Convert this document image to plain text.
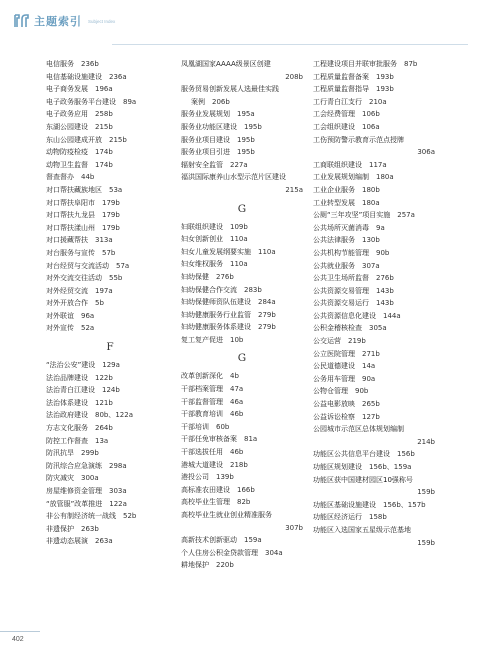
主题索引 Subject Index
电信服务  236b
电信基础设施建设  236a
电子商务发展  196a
电子政务服务平台建设  89a
电子政务应用  258b
东湖公园建设  215b
东山公园建成开放  215b
动物防疫检疫  174b
动物卫生监督  174b
督查督办  44b
对口帮扶藏族地区  53a
对口帮扶阜阳市  179b
对口帮扶九龙县  179b
对口帮扶漾山州  179b
对口援藏帮扶  313a
对台服务与宣传  57b
对台经贸与交流活动  57a
对外交流交往活动  55b
对外经贸交流  197a
对外开放合作  5b
对外联谊  96a
对外宣传  52a
F
“法治公安”建设  129a
法治品牌建设  122b
法治青白江建设  124b
法治体系建设  121b
法治政府建设  80b、122a
方志文化服务  264b
防控工作督查  13a
防汛抗旱  299b
防汛综合应急演练  298a
防灾减灾  300a
房屋维修资金管理  303a
“放管服”改革推进  122a
非公有制经济统一战线  52b
非遗保护  263b
非遗动态展演  263a
凤凰湖国家AAAA级景区创建
208b
服务贸易创新发展人选最佳实践
案例  206b
服务业发展规划  195a
服务业功能区建设  195b
服务业项目建设  195b
服务业项目引进  195b
辐射安全监管  227a
福洪国际康养山水型示范片区建设
215a
G
妇联组织建设  109b
妇女创新创业  110a
妇女儿童发展纲要实施  110a
妇女维权服务  110a
妇幼保健  276b
妇幼保健合作交流  283b
妇幼保健师资队伍建设  284a
妇幼健康服务行业监管  279b
妇幼健康服务体系建设  279b
复工复产促进  10b
G
改革创新深化  4b
干部档案管理  47a
干部监督管理  46a
干部教育培训  46b
干部培训  60b
干部任免审核备案  81a
干部选拔任用  46b
港城大道建设  218b
港投公司  139b
高标准农田建设  166b
高校毕业生管理  82b
高校毕业生就业创业精准服务
307b
高新技术创新驱动  159a
个人住房公积金贷款管理  304a
耕地保护  220b
工程建设项目并联审批服务  87b
工程质量监督备案  193b
工程质量监督指导  193b
工行青白江支行  210a
工会经费管理  106b
工会组织建设  106a
工伤预防警示教育示范点授牌
306a
工商联组织建设  117a
工业发展规划编制  180a
工业企业服务  180b
工业转型发展  180a
公厕“三年攻坚”项目实施  257a
公共场所灭菌消毒  9a
公共法律服务  130b
公共机构节能管理  90b
公共就业服务  307a
公共卫生场所监督  276b
公共资源交易管理  143b
公共资源交易运行  143b
公共资源信息化建设  144a
公积金稽核检查  305a
公交运营  219b
公立医院管理  271b
公民道德建设  14a
公务用车管理  90a
公物仓管理  90b
公益电影放映  265b
公益诉讼检察  127b
公园城市示范区总体规划编制
214b
功能区公共信息平台建设  156b
功能区规划建设  156b、159a
功能区获中国建材园区10强称号
159b
功能区基础设施建设  156b、157b
功能区经济运行  158b
功能区入选国家五星级示范基地
159b
402
